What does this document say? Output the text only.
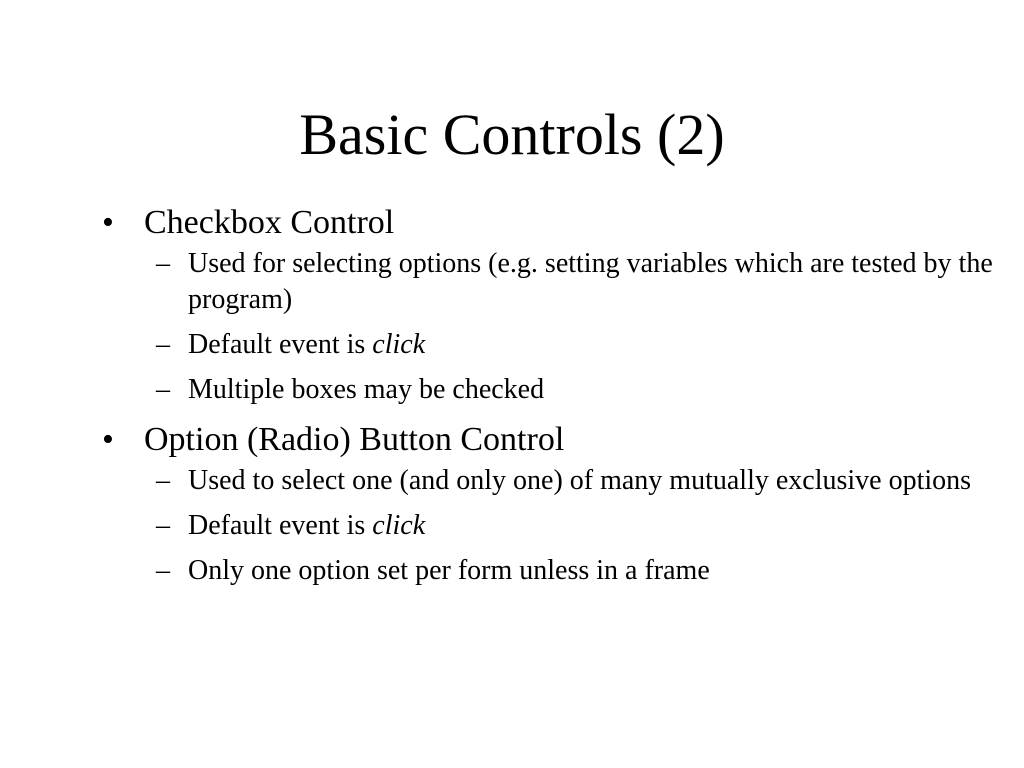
Basic Controls (2)
• Checkbox Control
– Used for selecting options (e.g. setting variables which are tested by the program)
– Default event is click
– Multiple boxes may be checked
• Option (Radio) Button Control
– Used to select one (and only one) of many mutually exclusive options
– Default event is click
– Only one option set per form unless in a frame
